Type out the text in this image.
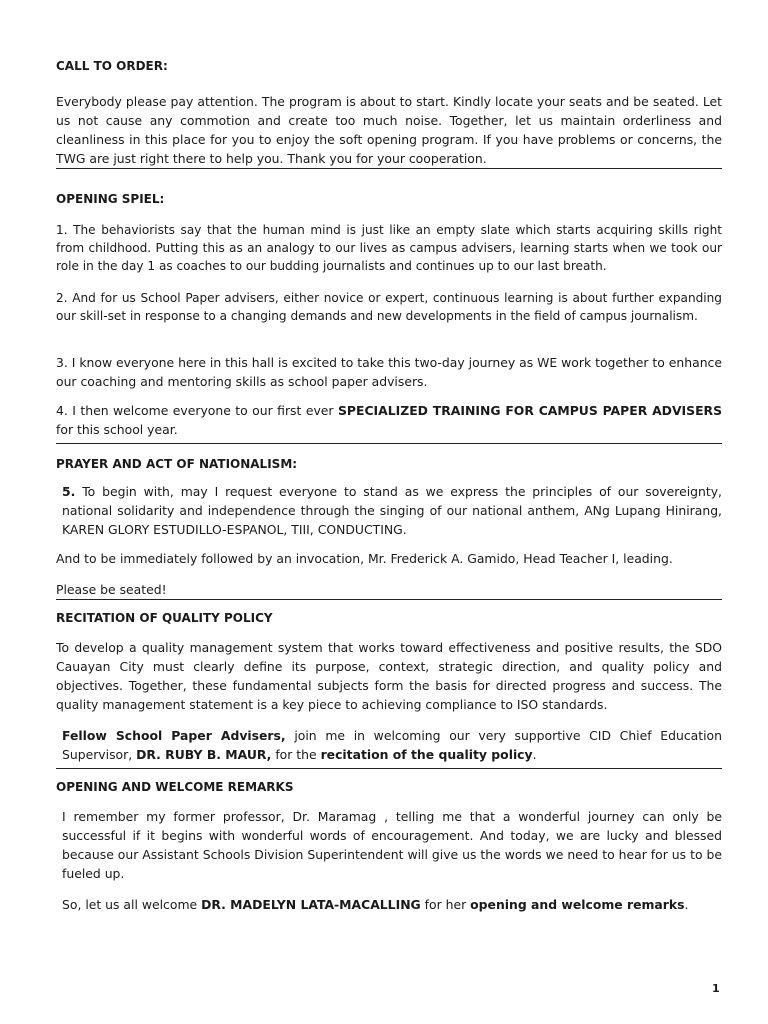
CALL TO ORDER:

Everybody please pay attention. The program is about to start. Kindly locate your seats and be seated. Let us not cause any commotion and create too much noise. Together, let us maintain orderliness and cleanliness in this place for you to enjoy the soft opening program. If you have problems or concerns, the TWG are just right there to help you. Thank you for your cooperation.

OPENING SPIEL:

1. The behaviorists say that the human mind is just like an empty slate which starts acquiring skills right from childhood. Putting this as an analogy to our lives as campus advisers, learning starts when we took our role in the day 1 as coaches to our budding journalists and continues up to our last breath.

2. And for us School Paper advisers, either novice or expert, continuous learning is about further expanding our skill-set in response to a changing demands and new developments in the field of campus journalism.

3. I know everyone here in this hall is excited to take this two-day journey as WE work together to enhance our coaching and mentoring skills as school paper advisers.

4. I then welcome everyone to our first ever SPECIALIZED TRAINING FOR CAMPUS PAPER ADVISERS for this school year.

PRAYER AND ACT OF NATIONALISM:

5. To begin with, may I request everyone to stand as we express the principles of our sovereignty, national solidarity and independence through the singing of our national anthem, ANg Lupang Hinirang, KAREN GLORY ESTUDILLO-ESPANOL, TIII, CONDUCTING.

And to be immediately followed by an invocation, Mr. Frederick A. Gamido, Head Teacher I, leading.

Please be seated!

RECITATION OF QUALITY POLICY

To develop a quality management system that works toward effectiveness and positive results, the SDO Cauayan City must clearly define its purpose, context, strategic direction, and quality policy and objectives. Together, these fundamental subjects form the basis for directed progress and success. The quality management statement is a key piece to achieving compliance to ISO standards.

Fellow School Paper Advisers, join me in welcoming our very supportive CID Chief Education Supervisor, DR. RUBY B. MAUR, for the recitation of the quality policy.

OPENING AND WELCOME REMARKS

I remember my former professor, Dr. Maramag , telling me that a wonderful journey can only be successful if it begins with wonderful words of encouragement. And today, we are lucky and blessed because our Assistant Schools Division Superintendent will give us the words we need to hear for us to be fueled up.

So, let us all welcome DR. MADELYN LATA-MACALLING for her opening and welcome remarks.

1
